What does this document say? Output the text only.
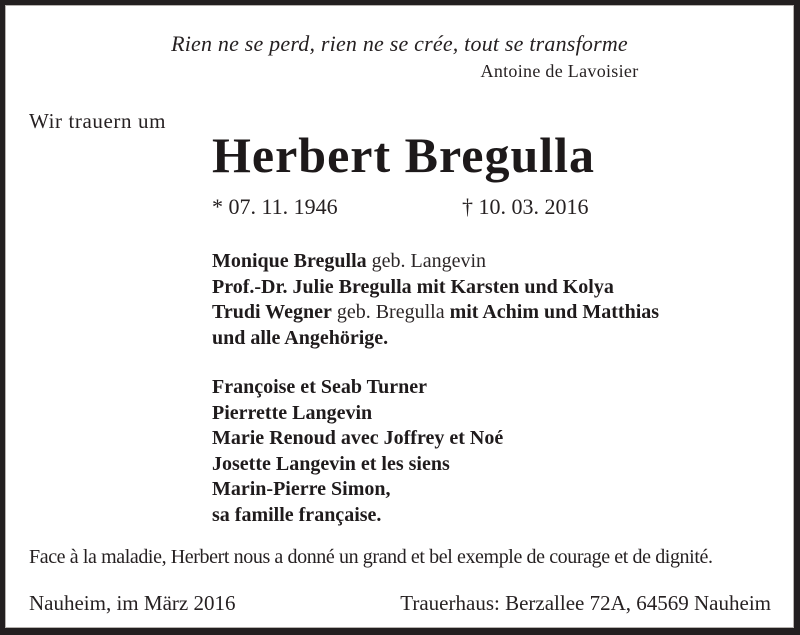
Rien ne se perd, rien ne se crée, tout se transforme
Antoine de Lavoisier
Wir trauern um
Herbert Bregulla
* 07. 11. 1946	† 10. 03. 2016
Monique Bregulla geb. Langevin
Prof.-Dr. Julie Bregulla mit Karsten und Kolya
Trudi Wegner geb. Bregulla mit Achim und Matthias
und alle Angehörige.
Françoise et Seab Turner
Pierrette Langevin
Marie Renoud avec Joffrey et Noé
Josette Langevin et les siens
Marin-Pierre Simon,
sa famille française.
Face à la maladie, Herbert nous a donné un grand et bel exemple de courage et de dignité.
Nauheim, im März 2016	Trauerhaus: Berzallee 72A, 64569 Nauheim
